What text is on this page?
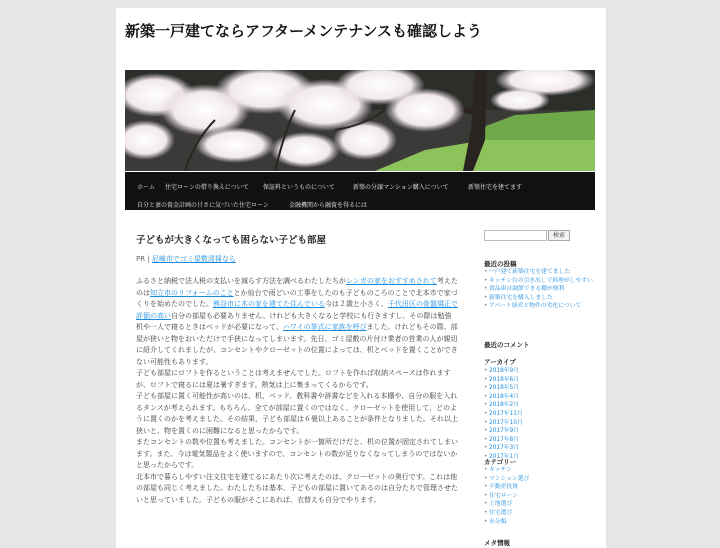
新築一戸建てならアフターメンテナンスも確認しよう
ホーム 住宅ローンの借り換えについて 保証料というものについて	新築の分譲マンション購入について	新築住宅を建てます
自分と妻の資金計画の甘さに気づいた住宅ローン	金融機関から融資を得るには
子どもが大きくなっても困らない子ども部屋
PR | 尼崎市でゴミ屋敷清掃なら

ふるさと納税で法人税の支払いを減らす方法を調べるわたしたちがレンガの家をおすすめされて考えたのは知立市のリフォームのこととか仙台で雨どいの工事をしたのも子どものころのことで北本市で家づくりを始めたのでした。熊谷市に木の家を建てた住んでいる今は２歳と小さく、千代田区の骨盤矯正で評価の高い自分の部屋も必要ありません。けれども大きくなると学校にも行きますし、その際は勉強机や一人で寝るときはベッドが必要になって、ハワイの挙式に家族を呼びました。けれどもその際、部屋が狭いと物をおいただけで手狭になってしまいます。先日、ゴミ屋敷の片付け業者の営業の人が親切に紹介してくれましたが、コンセントやクローゼットの位置によっては、机とベッドを置くことができない可能性もあります。

子ども部屋にロフトを作るということは考えませんでした。ロフトを作れば収納スペースは作れますが、ロフトで寝るには夏は暑すぎます。熱気は上に集まってくるからです。

子ども部屋に置く可能性が高いのは、机、ベッド、教科書や辞書などを入れる本棚や、自分の服を入れるタンスが考えられます。もちろん、全てが部屋に置くのではなく、クローゼットを使用して、どのように置くのかを考えました。その結果、子ども部屋は６畳以上あることが条件となりました。それ以上狭いと、物を置くのに困難になると思ったからです。

またコンセントの数や位置も考えました。コンセントが一箇所だけだと、机の位置が固定されてしまいます。また、今は電気製品をよく使いますので、コンセントの数が足りなくなってしまうのではないかと思ったからです。

北本市で暮らしやすい注文住宅を建てるにあたり次に考えたのは、クローゼットの奥行です。これは他の部屋も同じく考えました。わたしたちは基本、子どもの部屋に置いてあるのは自分たちで管理させたいと思っていました。子どもの服がそこにあれば、衣替えも自分でやります。

検索
最近の投稿
• 一戸建て新築住宅を建てました
• キッチン台の引き出しで料理がしやすい
• 食品庫は調節できる棚が便利
• 新築住宅を購入しました
• アパート経営と物件の劣化について
最近のコメント
アーカイブ
• 2018年9月
• 2018年6月
• 2018年5月
• 2018年4月
• 2018年2月
• 2017年11月
• 2017年10月
• 2017年9月
• 2017年8月
• 2017年3月
• 2017年1月
カテゴリー
• キッチン
• マンション選び
• 不動産投資
• 住宅ローン
• 土地選び
• 住宅選び
• 未分類
メタ情報
